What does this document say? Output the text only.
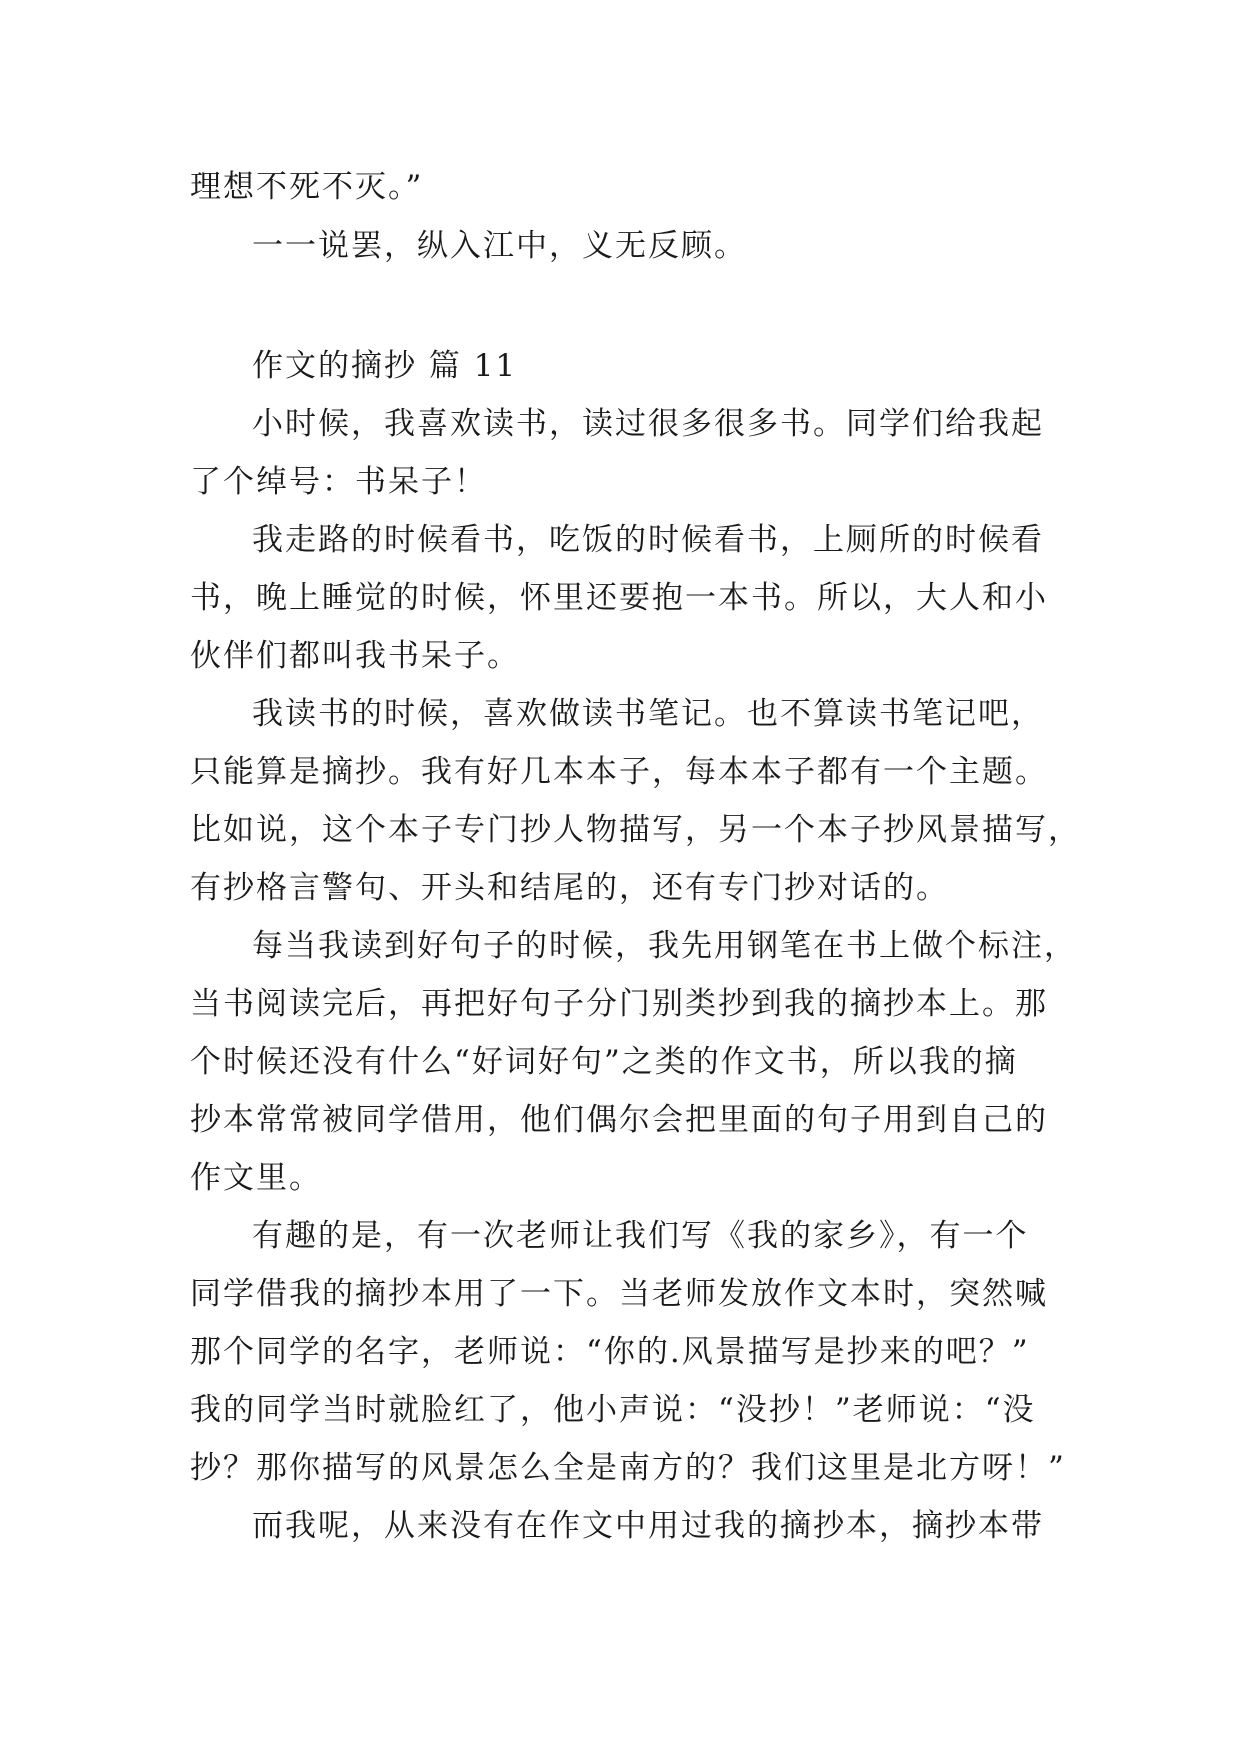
理想不死不灭。”
一一说罢，纵入江中，义无反顾。
作文的摘抄 篇 11
小时候，我喜欢读书，读过很多很多书。同学们给我起
了个绰号：书呆子！
我走路的时候看书，吃饭的时候看书，上厕所的时候看
书，晚上睡觉的时候，怀里还要抱一本书。所以，大人和小
伙伴们都叫我书呆子。
我读书的时候，喜欢做读书笔记。也不算读书笔记吧，
只能算是摘抄。我有好几本本子，每本本子都有一个主题。
比如说，这个本子专门抄人物描写，另一个本子抄风景描写，
有抄格言警句、开头和结尾的，还有专门抄对话的。
每当我读到好句子的时候，我先用钢笔在书上做个标注，
当书阅读完后，再把好句子分门别类抄到我的摘抄本上。那
个时候还没有什么“好词好句”之类的作文书，所以我的摘
抄本常常被同学借用，他们偶尔会把里面的句子用到自己的
作文里。
有趣的是，有一次老师让我们写《我的家乡》，有一个
同学借我的摘抄本用了一下。当老师发放作文本时，突然喊
那个同学的名字，老师说：“你的.风景描写是抄来的吧？”
我的同学当时就脸红了，他小声说：“没抄！”老师说：“没
抄？那你描写的风景怎么全是南方的？我们这里是北方呀！”
而我呢，从来没有在作文中用过我的摘抄本，摘抄本带
